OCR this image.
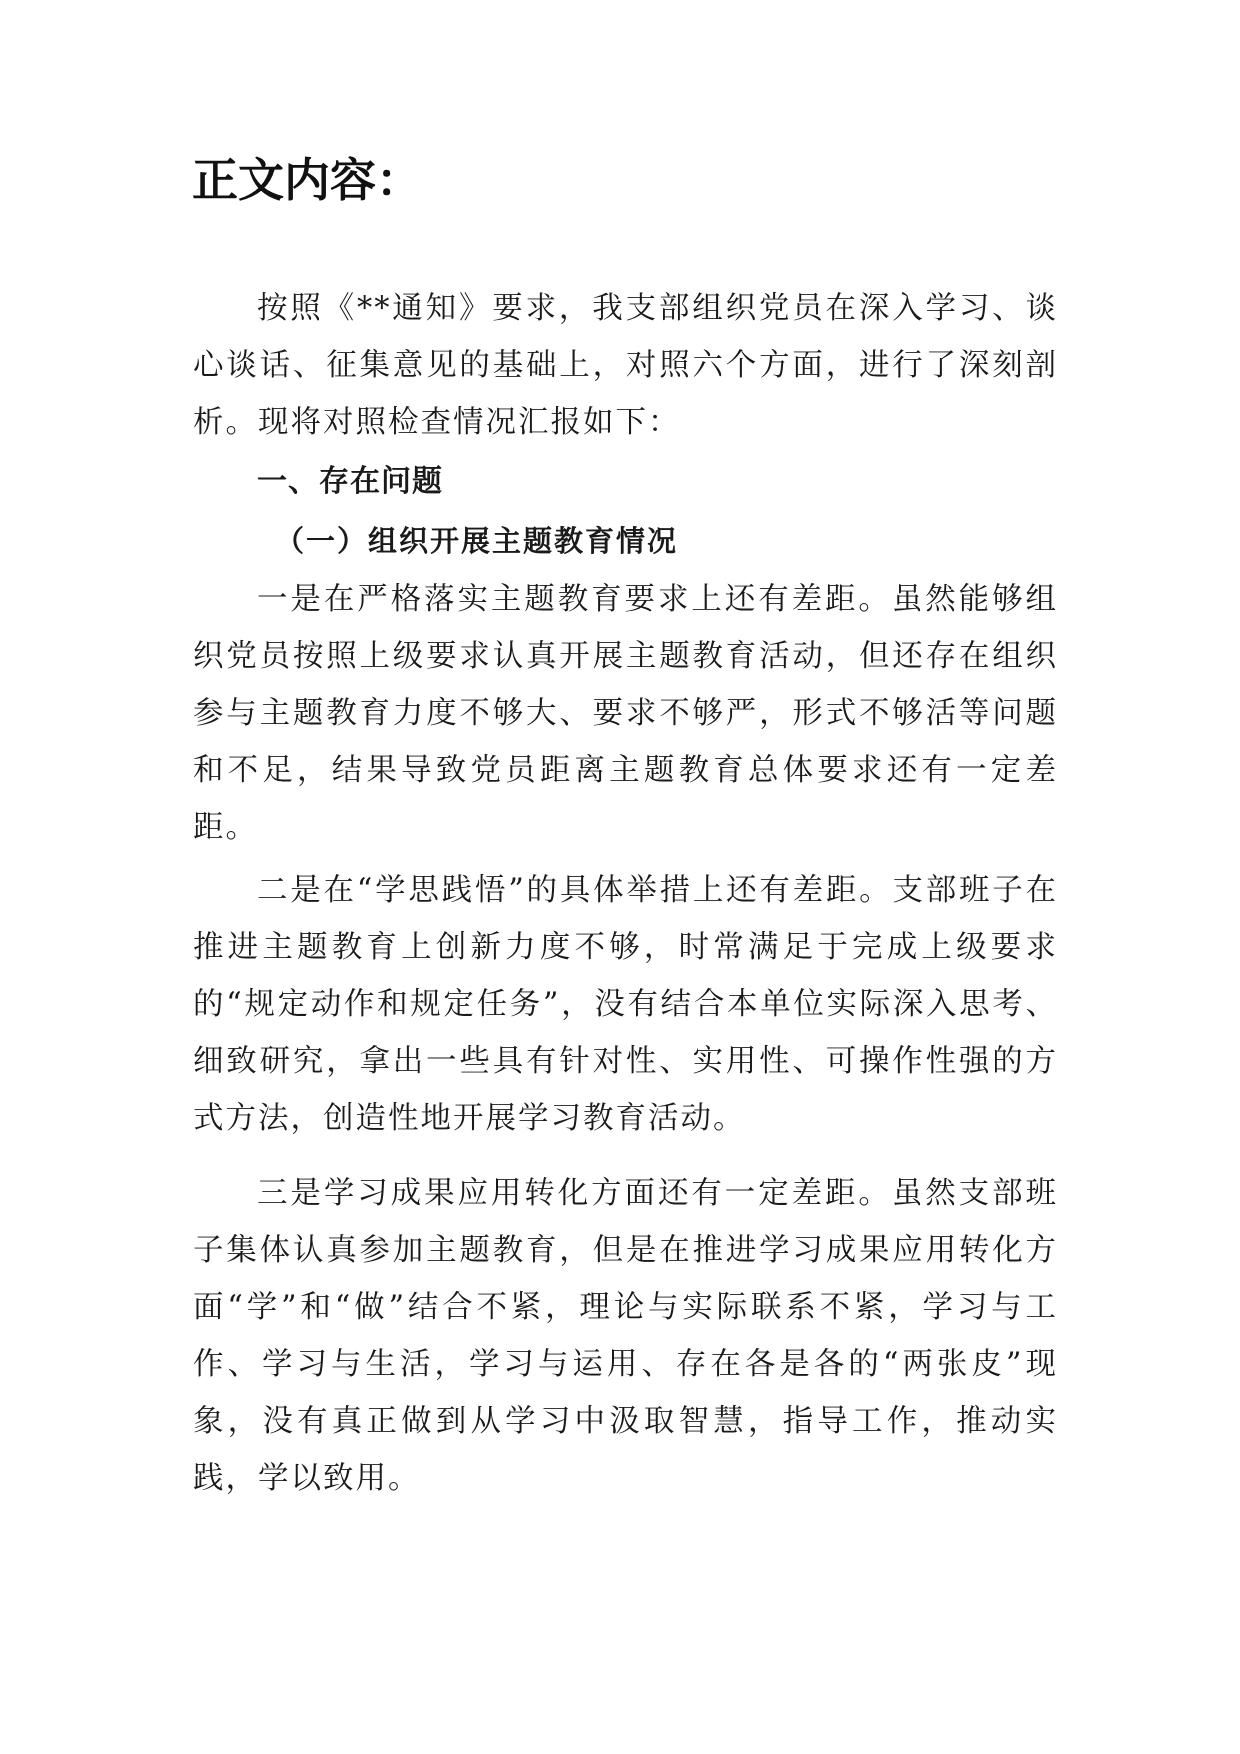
正文内容：

按照《**通知》要求，我支部组织党员在深入学习、谈心谈话、征集意见的基础上，对照六个方面，进行了深刻剖析。现将对照检查情况汇报如下：

一、存在问题

（一）组织开展主题教育情况

一是在严格落实主题教育要求上还有差距。虽然能够组织党员按照上级要求认真开展主题教育活动，但还存在组织参与主题教育力度不够大、要求不够严，形式不够活等问题和不足，结果导致党员距离主题教育总体要求还有一定差距。

二是在“学思践悟”的具体举措上还有差距。支部班子在推进主题教育上创新力度不够，时常满足于完成上级要求的“规定动作和规定任务”，没有结合本单位实际深入思考、细致研究，拿出一些具有针对性、实用性、可操作性强的方式方法，创造性地开展学习教育活动。

三是学习成果应用转化方面还有一定差距。虽然支部班子集体认真参加主题教育，但是在推进学习成果应用转化方面“学”和“做”结合不紧，理论与实际联系不紧，学习与工作、学习与生活，学习与运用、存在各是各的“两张皮”现象，没有真正做到从学习中汲取智慧，指导工作，推动实践，学以致用。
